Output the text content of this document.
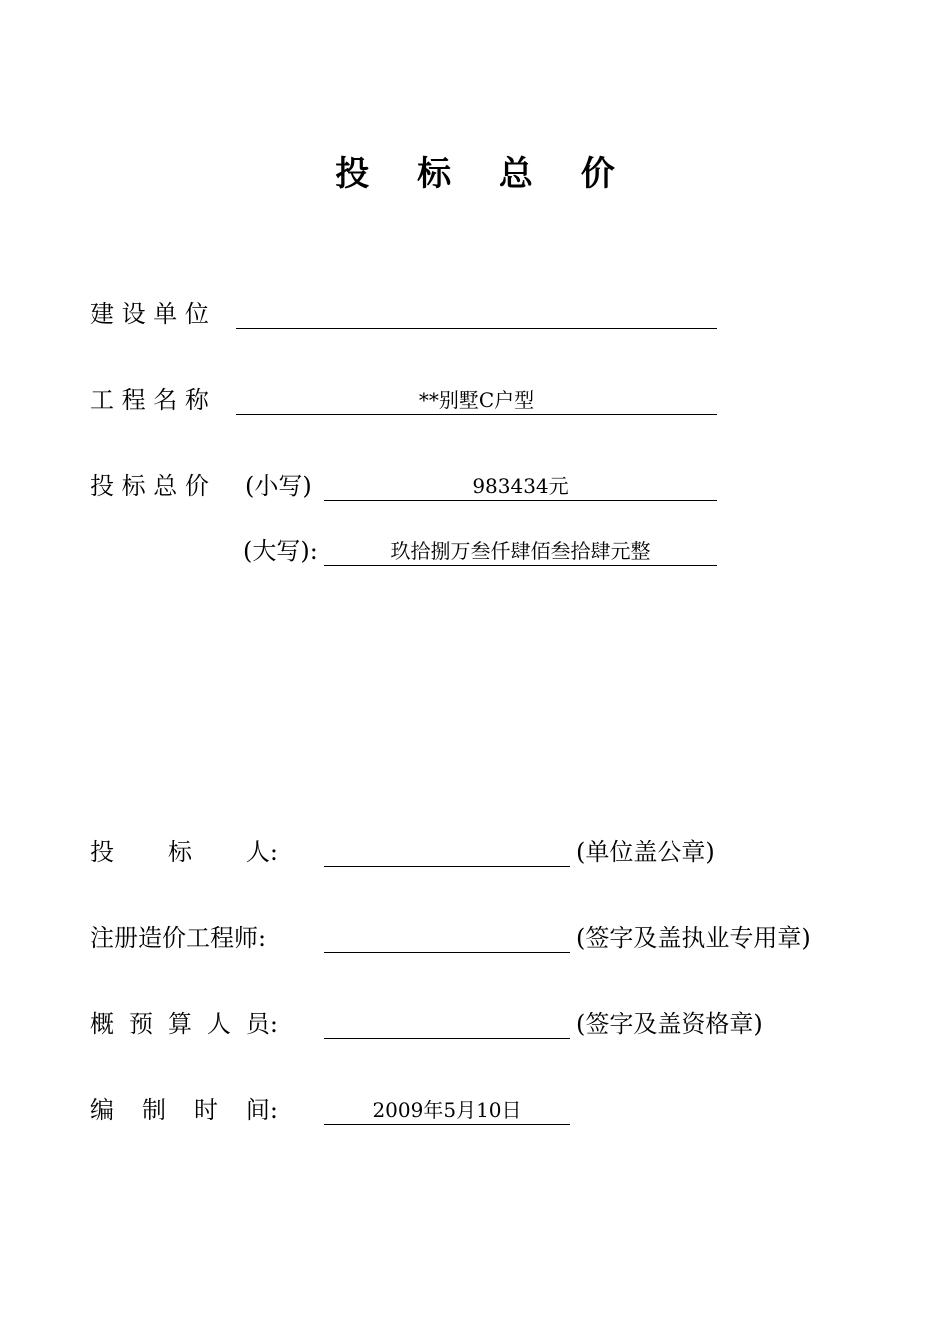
投 标 总 价
建 设 单 位
工 程 名 称	**别墅C户型
投 标 总 价 (小写)	983434元
(大写):	玖拾捌万叁仟肆佰叁拾肆元整
投 标 人:	(单位盖公章)
注册造价工程师:	(签字及盖执业专用章)
概 预 算 人 员:	(签字及盖资格章)
编 制 时 间:	2009年5月10日
